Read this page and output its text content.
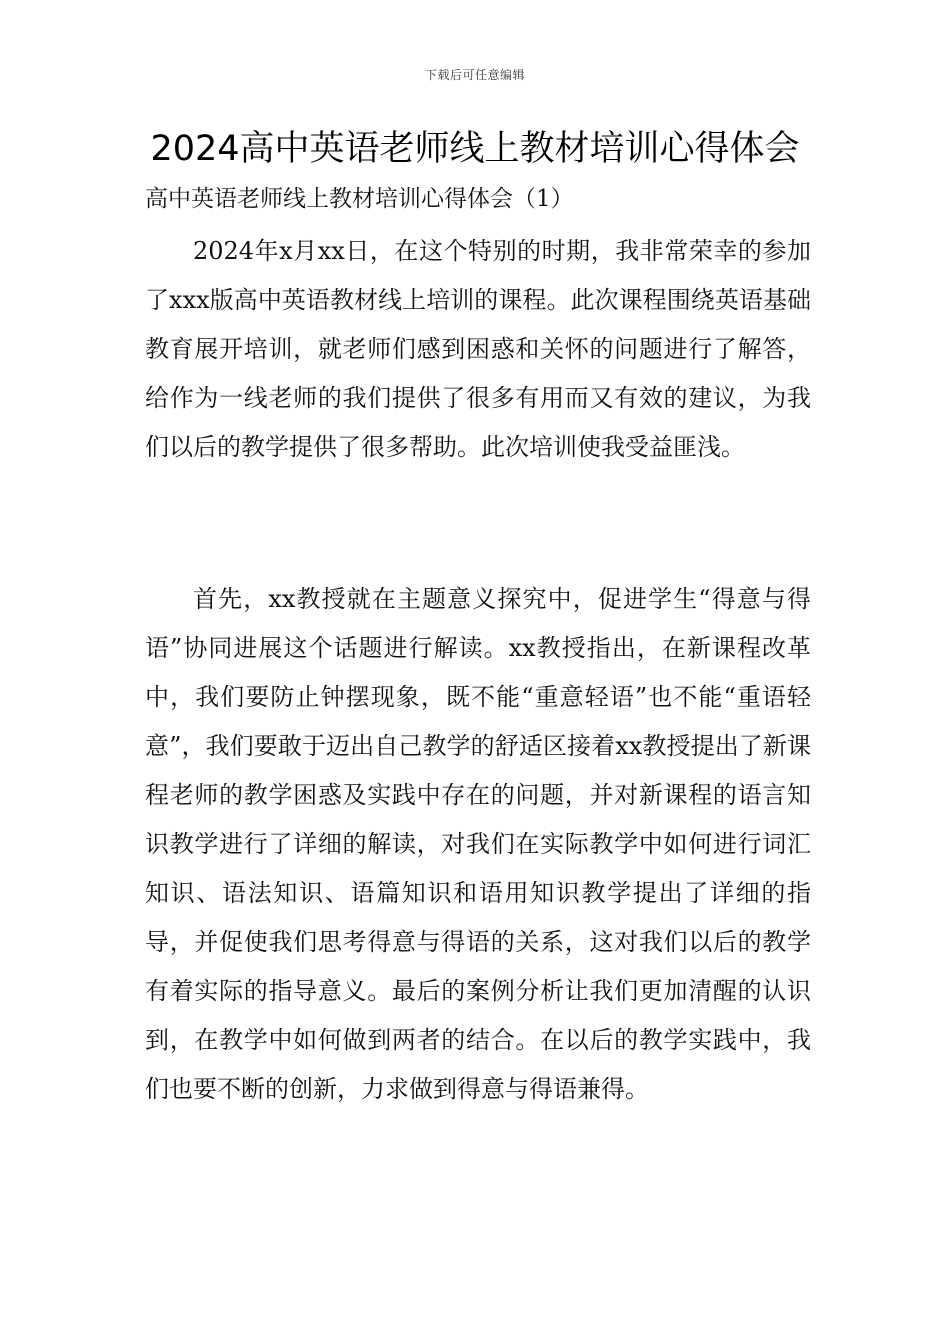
下载后可任意编辑
2024高中英语老师线上教材培训心得体会
高中英语老师线上教材培训心得体会（1）

2024年x月xx日，在这个特别的时期，我非常荣幸的参加了xxx版高中英语教材线上培训的课程。此次课程围绕英语基础教育展开培训，就老师们感到困惑和关怀的问题进行了解答，给作为一线老师的我们提供了很多有用而又有效的建议，为我们以后的教学提供了很多帮助。此次培训使我受益匪浅。

首先，xx教授就在主题意义探究中，促进学生“得意与得语”协同进展这个话题进行解读。xx教授指出，在新课程改革中，我们要防止钟摆现象，既不能“重意轻语”也不能“重语轻意”，我们要敢于迈出自己教学的舒适区接着xx教授提出了新课程老师的教学困惑及实践中存在的问题，并对新课程的语言知识教学进行了详细的解读，对我们在实际教学中如何进行词汇知识、语法知识、语篇知识和语用知识教学提出了详细的指导，并促使我们思考得意与得语的关系，这对我们以后的教学有着实际的指导意义。最后的案例分析让我们更加清醒的认识到，在教学中如何做到两者的结合。在以后的教学实践中，我们也要不断的创新，力求做到得意与得语兼得。
